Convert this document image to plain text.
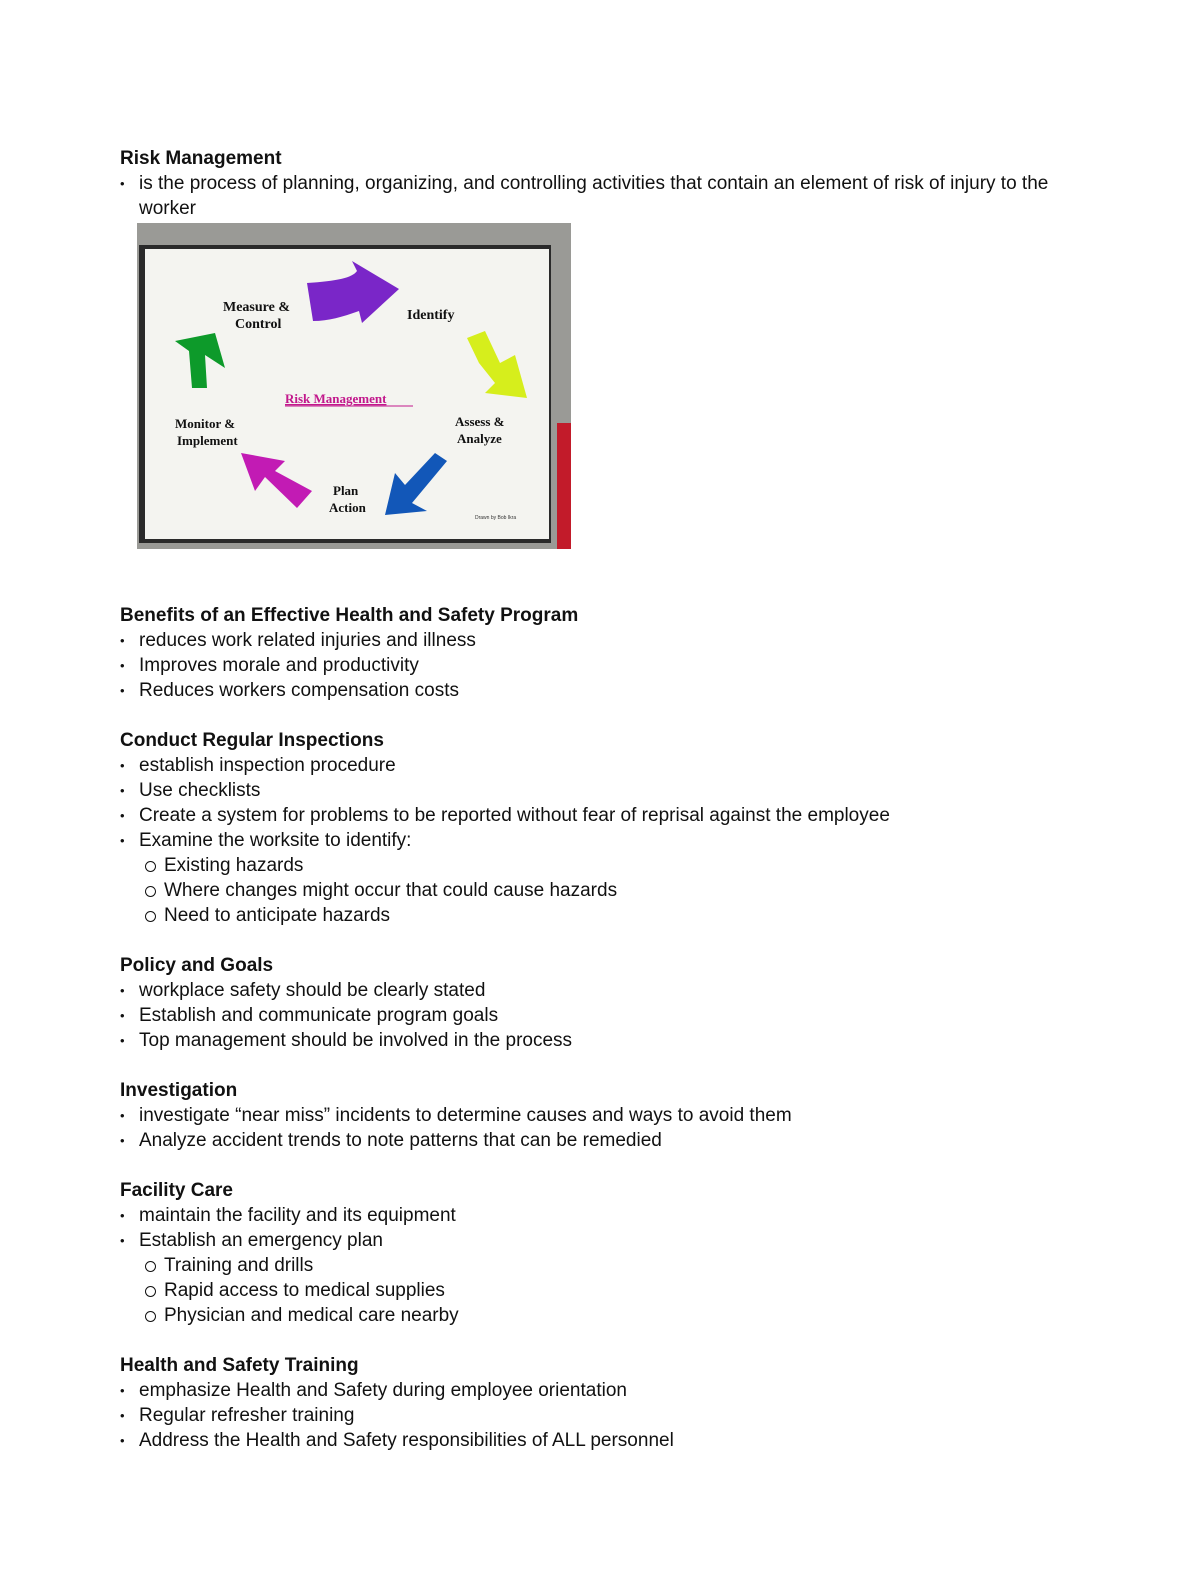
Risk Management

• is the process of planning, organizing, and controlling activities that contain an element of risk of injury to the worker
Measure &
Control
Identify
Assess &
Analyze
Plan
Action
Monitor &
Implement
Risk Management
Drawn by Bob Ikra

Benefits of an Effective Health and Safety Program

• reduces work related injuries and illness
• Improves morale and productivity
• Reduces workers compensation costs

Conduct Regular Inspections

• establish inspection procedure
• Use checklists
• Create a system for problems to be reported without fear of reprisal against the employee
• Examine the worksite to identify:
Existing hazards
Where changes might occur that could cause hazards
Need to anticipate hazards

Policy and Goals

• workplace safety should be clearly stated
• Establish and communicate program goals
• Top management should be involved in the process

Investigation

• investigate “near miss” incidents to determine causes and ways to avoid them
• Analyze accident trends to note patterns that can be remedied

Facility Care

• maintain the facility and its equipment
• Establish an emergency plan
Training and drills
Rapid access to medical supplies
Physician and medical care nearby

Health and Safety Training

• emphasize Health and Safety during employee orientation
• Regular refresher training
• Address the Health and Safety responsibilities of ALL personnel
